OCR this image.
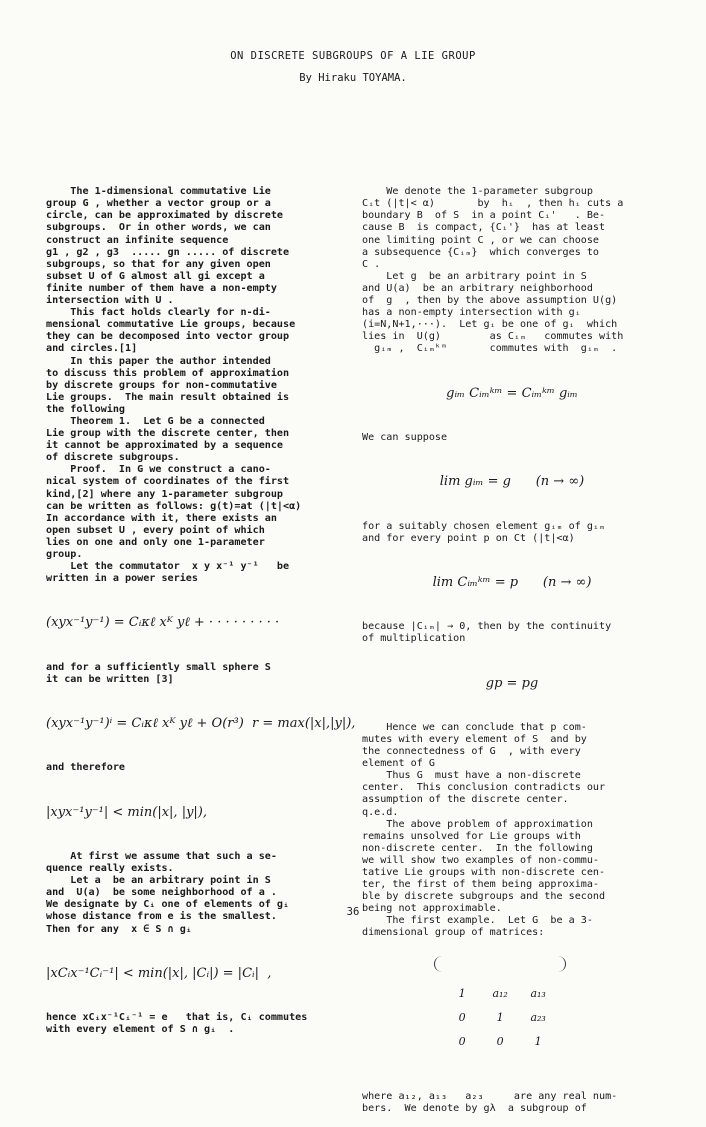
ON DISCRETE SUBGROUPS OF A LIE GROUP
By Hiraku TOYAMA.

The 1-dimensional commutative Lie
group G , whether a vector group or a
circle, can be approximated by discrete
subgroups.  Or in other words, we can
construct an infinite sequence
g1 , g2 , g3  ..... gn ..... of discrete
subgroups, so that for any given open
subset U of G almost all gi except a
finite number of them have a non-empty
intersection with U .
This fact holds clearly for n-di-
mensional commutative Lie groups, because
they can be decomposed into vector group
and circles.[1]
In this paper the author intended
to discuss this problem of approximation
by discrete groups for non-commutative
Lie groups.  The main result obtained is
the following
Theorem 1.  Let G be a connected
Lie group with the discrete center, then
it cannot be approximated by a sequence
of discrete subgroups.
Proof.  In G we construct a cano-
nical system of coordinates of the first
kind,[2] where any 1-parameter subgroup
can be written as follows: g(t)=at (|t|<α)
In accordance with it, there exists an
open subset U , every point of which
lies on one and only one 1-parameter
group.
Let the commutator  x y x⁻¹ y⁻¹   be
written in a power series

(xyx⁻¹y⁻¹) = Cᵢκℓ xᴷ yℓ + · · · · · · · · ·

and for a sufficiently small sphere S
it can be written [3]

(xyx⁻¹y⁻¹)ⁱ = Cᵢκℓ xᴷ yℓ + O(r³)  r = max(|x|,|y|),

and therefore

|xyx⁻¹y⁻¹| < min(|x|, |y|),

At first we assume that such a se-
quence really exists.
Let a  be an arbitrary point in S
and  U(a)  be some neighborhood of a .
We designate by Cᵢ one of elements of gᵢ
whose distance from e is the smallest.
Then for any  x ∈ S ∩ gᵢ

|xCᵢx⁻¹Cᵢ⁻¹| < min(|x|, |Cᵢ|) = |Cᵢ|  ,

hence xCᵢx⁻¹Cᵢ⁻¹ = e   that is, Cᵢ commutes
with every element of S ∩ gᵢ  .

We denote the 1-parameter subgroup
Cᵢt (|t|< α)       by  hᵢ  , then hᵢ cuts a
boundary B  of S  in a point Cᵢ'   . Be-
cause B  is compact, {Cᵢ'}  has at least
one limiting point C , or we can choose
a subsequence {Cᵢₘ}  which converges to
C .
Let g  be an arbitrary point in S
and U(a)  be an arbitrary neighborhood
of  g  , then by the above assumption U(g)
has a non-empty intersection with gᵢ
(i=N,N+1,···).  Let gᵢ be one of gᵢ  which
lies in  U(g)        as Cᵢₘ   commutes with
gᵢₘ ,  Cᵢₘᵏᵐ       commutes with  gᵢₘ  .

gᵢₘ Cᵢₘᵏᵐ = Cᵢₘᵏᵐ gᵢₘ

We can suppose

lim gᵢₘ = g      (n → ∞)

for a suitably chosen element gᵢₘ of gᵢₘ
and for every point p on Ct (|t|<α)

lim Cᵢₘᵏᵐ = p      (n → ∞)

because |Cᵢₘ| → 0, then by the continuity
of multiplication

gp = pg

Hence we can conclude that p com-
mutes with every element of S  and by
the connectedness of G  , with every
element of G
Thus G  must have a non-discrete
center.  This conclusion contradicts our
assumption of the discrete center.
q.e.d.
The above problem of approximation
remains unsolved for Lie groups with
non-discrete center.  In the following
we will show two examples of non-commu-
tative Lie groups with non-discrete cen-
ter, the first of them being approxima-
ble by discrete subgroups and the second
being not approximable.
The first example.  Let G  be a 3-
dimensional group of matrices:

1	a₁₂	a₁₃
0	1	a₂₃
0	0	1

where a₁₂, a₁₃   a₂₃     are any real num-
bers.  We denote by gλ  a subgroup of

36
